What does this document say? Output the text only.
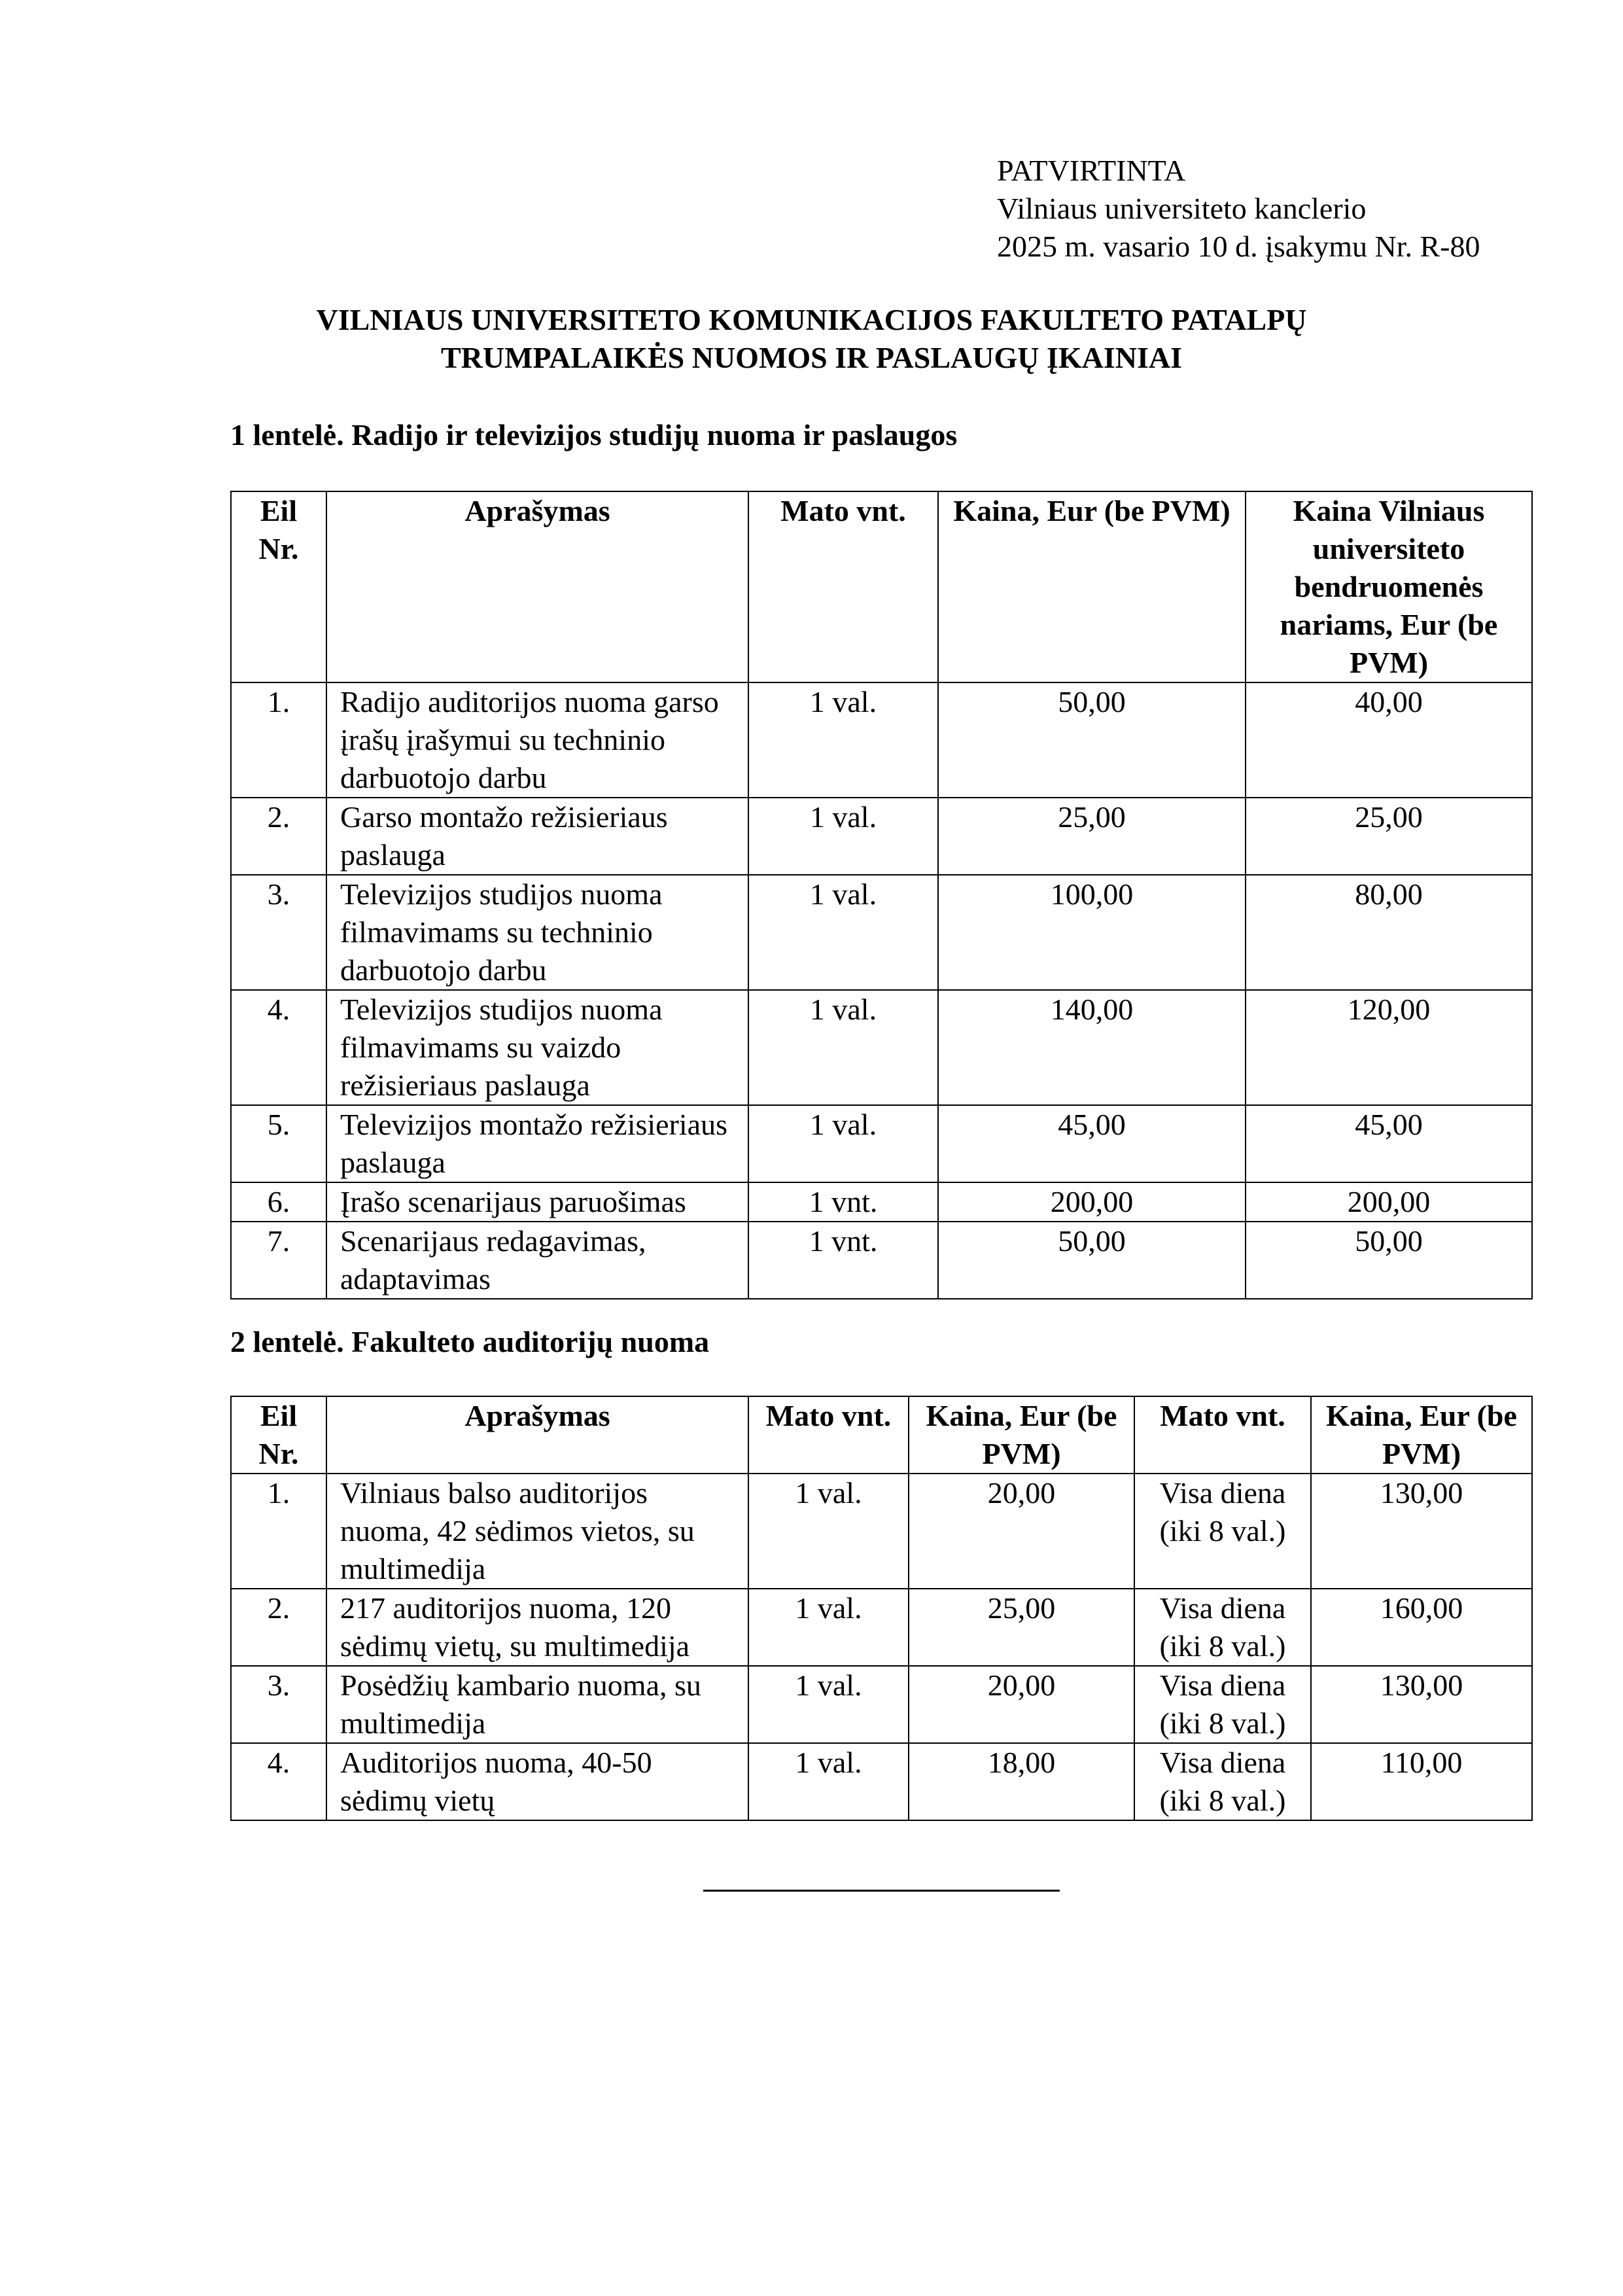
PATVIRTINTA
Vilniaus universiteto kanclerio
2025 m. vasario 10 d. įsakymu Nr. R-80
VILNIAUS UNIVERSITETO KOMUNIKACIJOS FAKULTETO PATALPŲ
TRUMPALAIKĖS NUOMOS IR PASLAUGŲ ĮKAINIAI
1 lentelė. Radijo ir televizijos studijų nuoma ir paslaugos
Eil Nr.	Aprašymas	Mato vnt.	Kaina, Eur (be PVM)	Kaina Vilniaus universiteto bendruomenės nariams, Eur (be PVM)
1.	Radijo auditorijos nuoma garso įrašų įrašymui su techninio darbuotojo darbu	1 val.	50,00	40,00
2.	Garso montažo režisieriaus paslauga	1 val.	25,00	25,00
3.	Televizijos studijos nuoma filmavimams su techninio darbuotojo darbu	1 val.	100,00	80,00
4.	Televizijos studijos nuoma filmavimams su vaizdo režisieriaus paslauga	1 val.	140,00	120,00
5.	Televizijos montažo režisieriaus paslauga	1 val.	45,00	45,00
6.	Įrašo scenarijaus paruošimas	1 vnt.	200,00	200,00
7.	Scenarijaus redagavimas, adaptavimas	1 vnt.	50,00	50,00
2 lentelė. Fakulteto auditorijų nuoma
Eil Nr.	Aprašymas	Mato vnt.	Kaina, Eur (be PVM)	Mato vnt.	Kaina, Eur (be PVM)
1.	Vilniaus balso auditorijos nuoma, 42 sėdimos vietos, su multimedija	1 val.	20,00	Visa diena (iki 8 val.)	130,00
2.	217 auditorijos nuoma, 120 sėdimų vietų, su multimedija	1 val.	25,00	Visa diena (iki 8 val.)	160,00
3.	Posėdžių kambario nuoma, su multimedija	1 val.	20,00	Visa diena (iki 8 val.)	130,00
4.	Auditorijos nuoma, 40-50 sėdimų vietų	1 val.	18,00	Visa diena (iki 8 val.)	110,00
